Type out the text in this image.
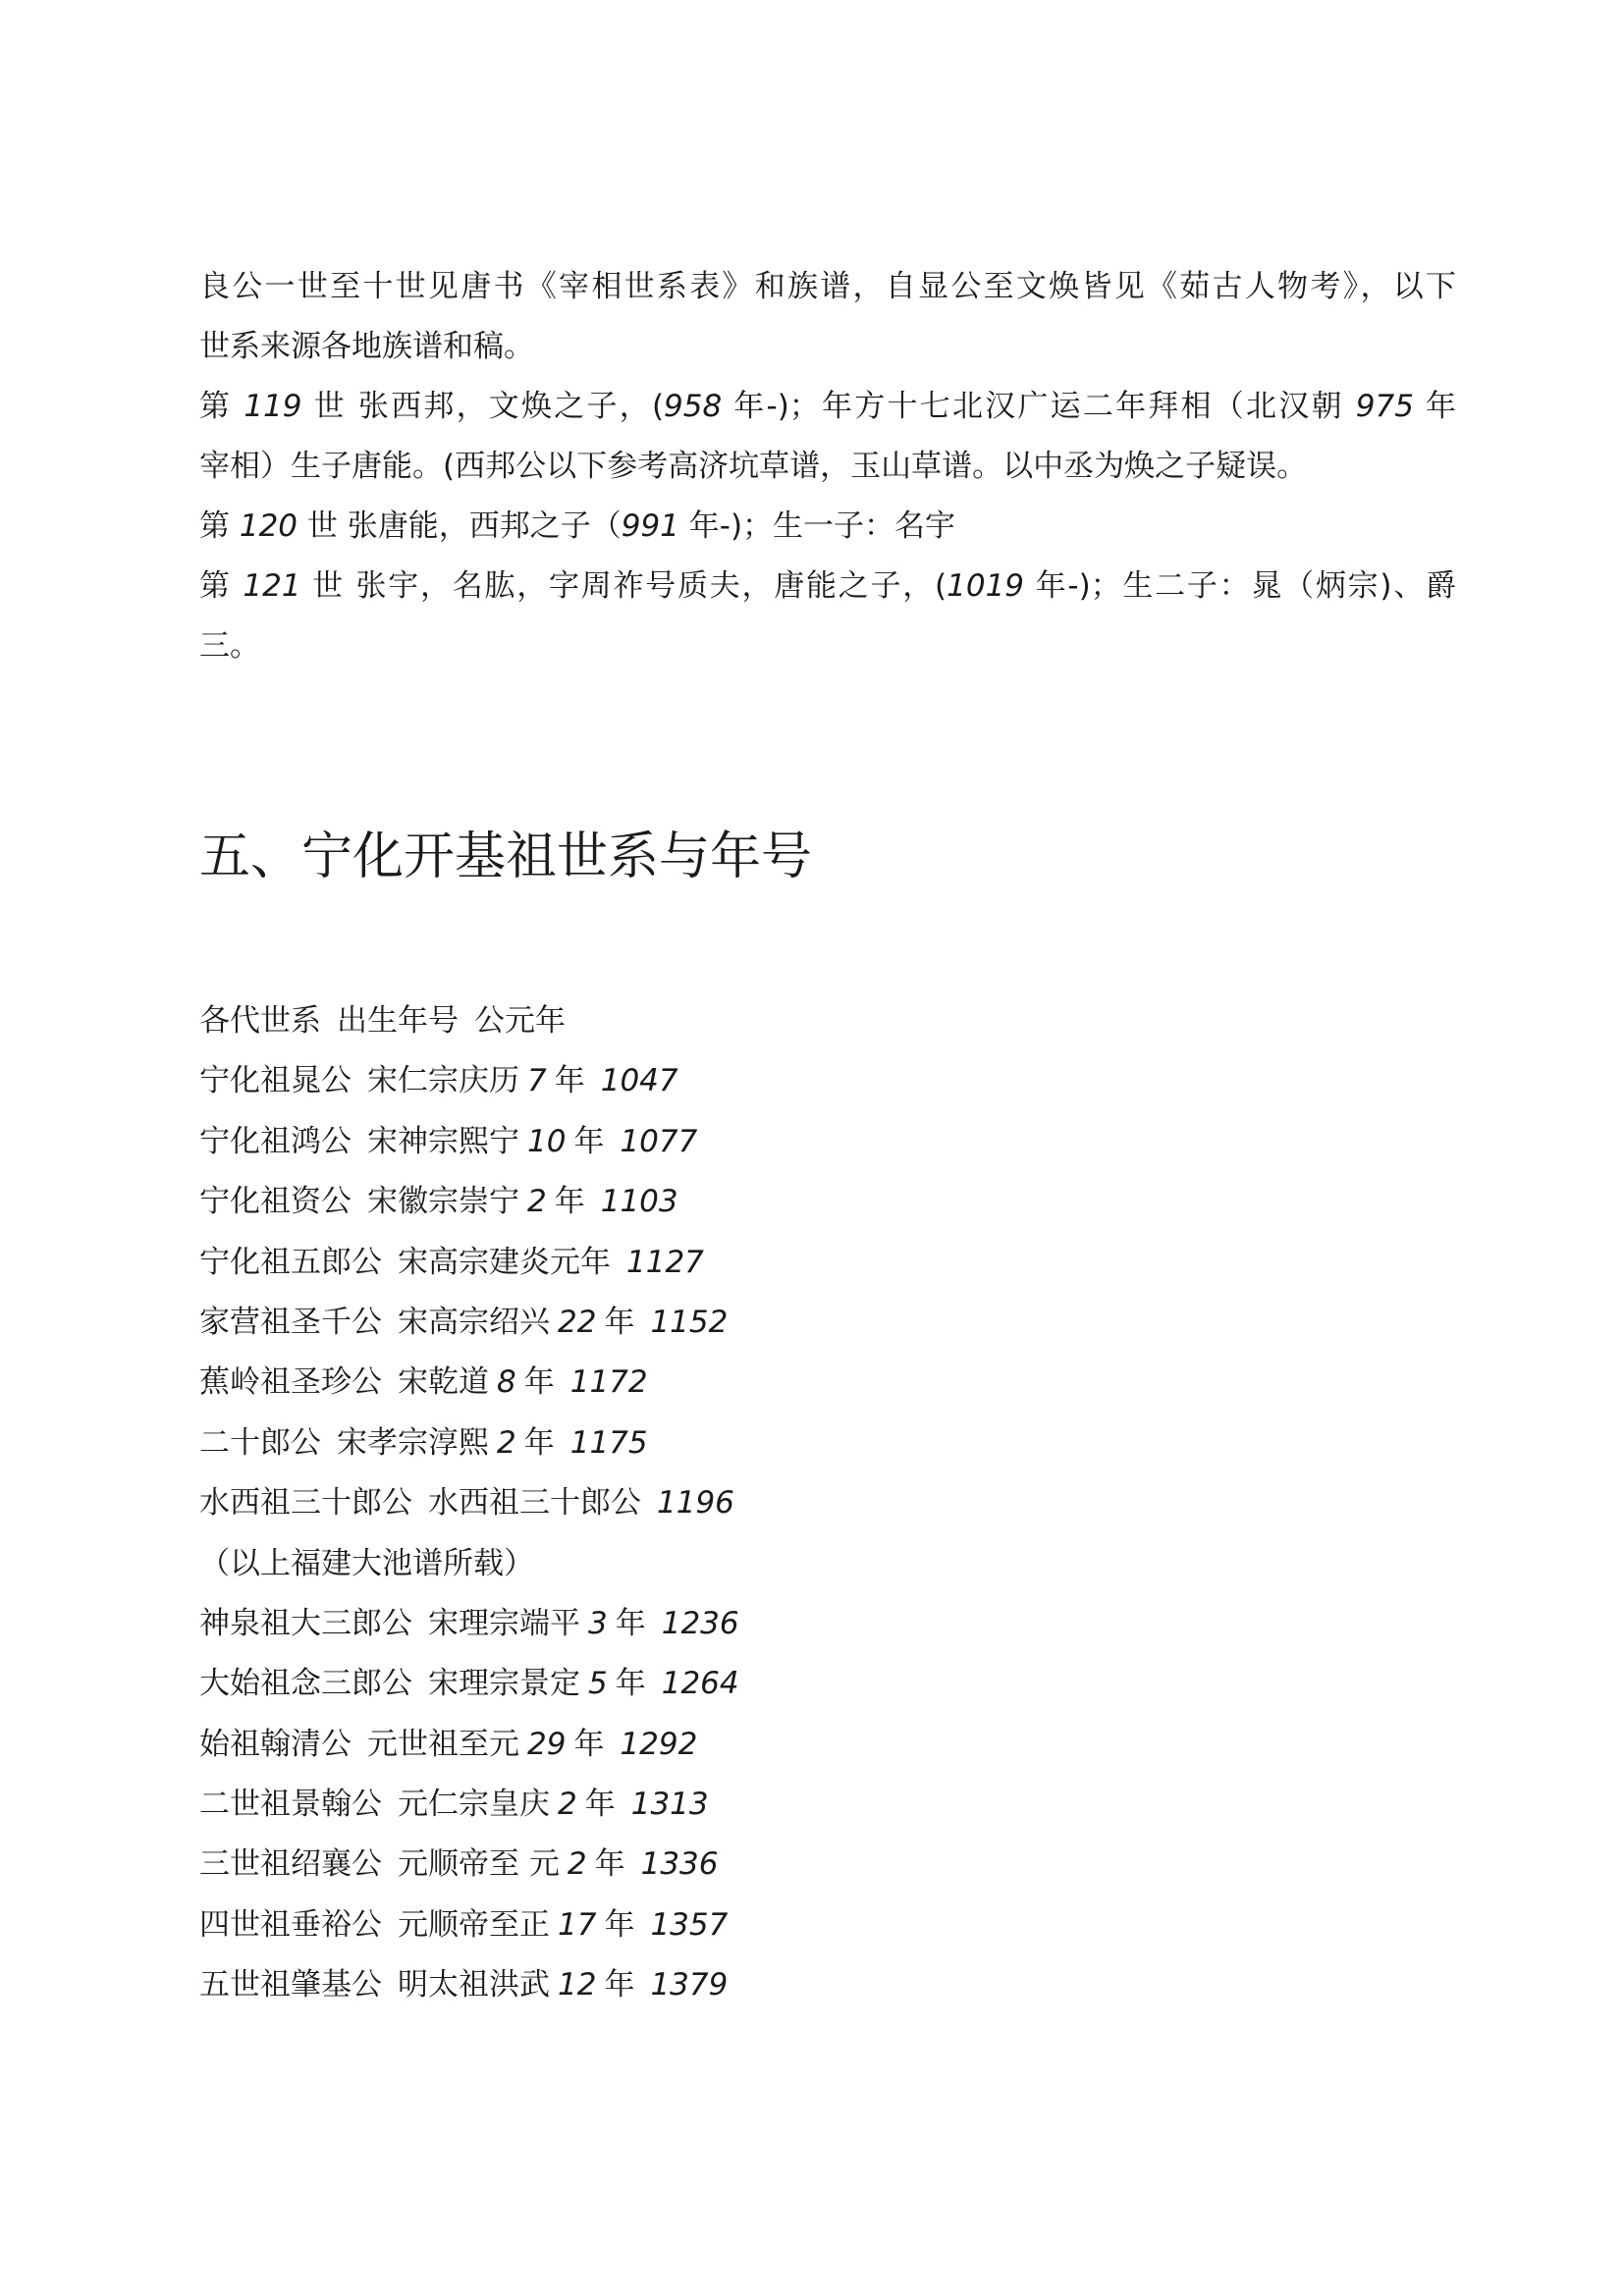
良公一世至十世见唐书《宰相世系表》和族谱，自显公至文焕皆见《茹古人物考》，以下
世系来源各地族谱和稿。
第 119 世 张西邦，文焕之子，(958 年-)；年方十七北汉广运二年拜相（北汉朝 975 年
宰相）生子唐能。(西邦公以下参考高济坑草谱，玉山草谱。以中丞为焕之子疑误。
第 120 世 张唐能，西邦之子（991 年-)；生一子：名宇
第 121 世 张宇，名肱，字周祚号质夫，唐能之子，(1019 年-)；生二子：晁（炳宗)、爵
三。
五、宁化开基祖世系与年号
各代世系 出生年号 公元年
宁化祖晁公 宋仁宗庆历 7 年 1047
宁化祖鸿公 宋神宗熙宁 10 年 1077
宁化祖资公 宋徽宗崇宁 2 年 1103
宁化祖五郎公 宋高宗建炎元年 1127
家营祖圣千公 宋高宗绍兴 22 年 1152
蕉岭祖圣珍公 宋乾道 8 年 1172
二十郎公 宋孝宗淳熙 2 年 1175
水西祖三十郎公 水西祖三十郎公 1196
（以上福建大池谱所载）
神泉祖大三郎公 宋理宗端平 3 年 1236
大始祖念三郎公 宋理宗景定 5 年 1264
始祖翰清公 元世祖至元 29 年 1292
二世祖景翰公 元仁宗皇庆 2 年 1313
三世祖绍襄公 元顺帝至 元 2 年 1336
四世祖垂裕公 元顺帝至正 17 年 1357
五世祖肇基公 明太祖洪武 12 年 1379
